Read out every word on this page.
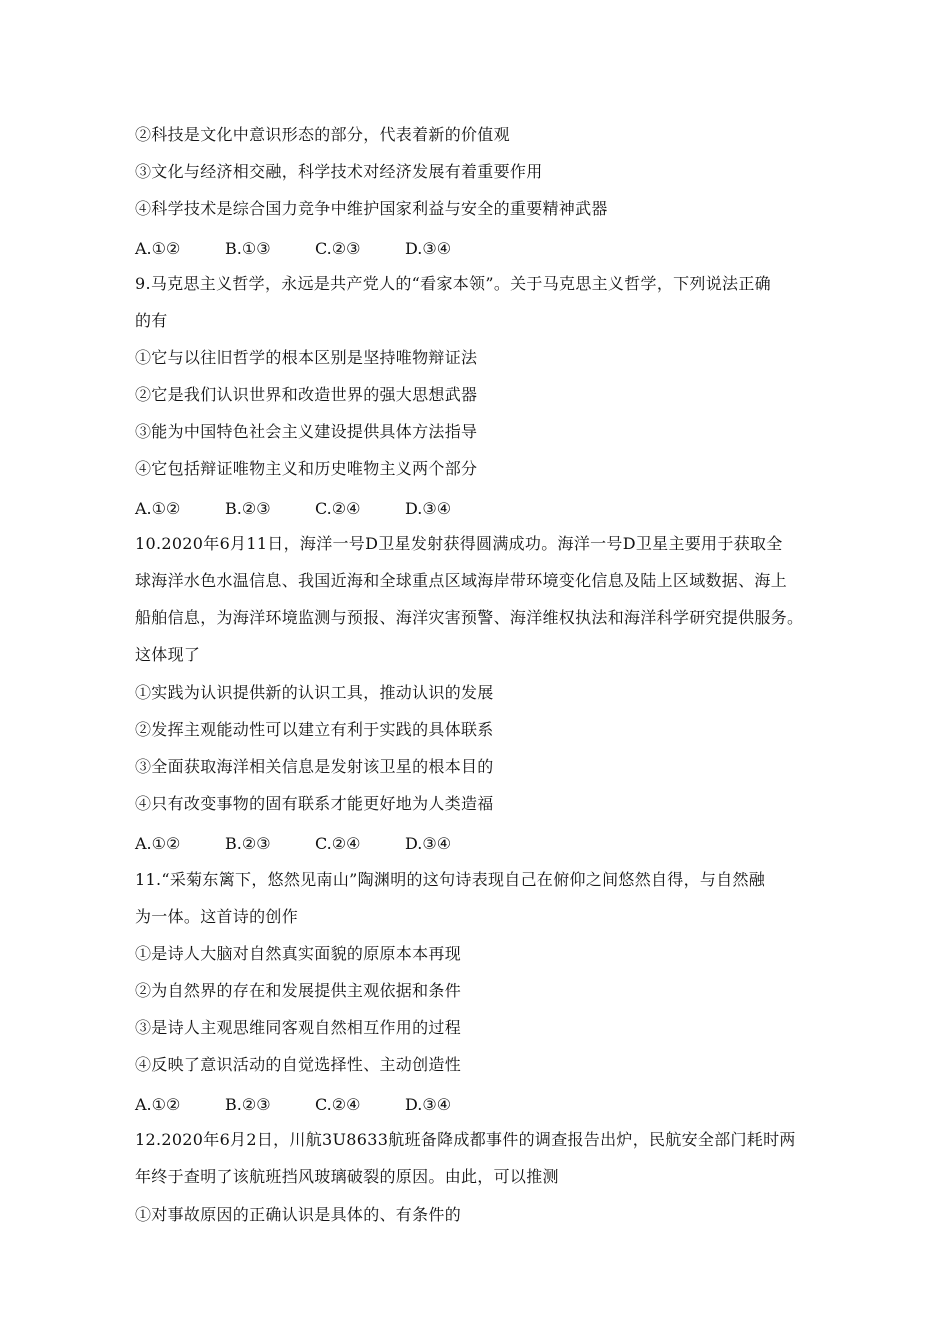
②科技是文化中意识形态的部分，代表着新的价值观
③文化与经济相交融，科学技术对经济发展有着重要作用
④科学技术是综合国力竞争中维护国家利益与安全的重要精神武器
A.①②	B.①③	C.②③	D.③④
9.马克思主义哲学，永远是共产党人的“看家本领”。关于马克思主义哲学，下列说法正确
的有
①它与以往旧哲学的根本区别是坚持唯物辩证法
②它是我们认识世界和改造世界的强大思想武器
③能为中国特色社会主义建设提供具体方法指导
④它包括辩证唯物主义和历史唯物主义两个部分
A.①②	B.②③	C.②④	D.③④
10.2020年6月11日，海洋一号D卫星发射获得圆满成功。海洋一号D卫星主要用于获取全
球海洋水色水温信息、我国近海和全球重点区域海岸带环境变化信息及陆上区域数据、海上
船舶信息，为海洋环境监测与预报、海洋灾害预警、海洋维权执法和海洋科学研究提供服务。
这体现了
①实践为认识提供新的认识工具，推动认识的发展
②发挥主观能动性可以建立有利于实践的具体联系
③全面获取海洋相关信息是发射该卫星的根本目的
④只有改变事物的固有联系才能更好地为人类造福
A.①②	B.②③	C.②④	D.③④
11.“采菊东篱下，悠然见南山”陶渊明的这句诗表现自己在俯仰之间悠然自得，与自然融
为一体。这首诗的创作
①是诗人大脑对自然真实面貌的原原本本再现
②为自然界的存在和发展提供主观依据和条件
③是诗人主观思维同客观自然相互作用的过程
④反映了意识活动的自觉选择性、主动创造性
A.①②	B.②③	C.②④	D.③④
12.2020年6月2日，川航3U8633航班备降成都事件的调查报告出炉，民航安全部门耗时两
年终于查明了该航班挡风玻璃破裂的原因。由此，可以推测
①对事故原因的正确认识是具体的、有条件的
